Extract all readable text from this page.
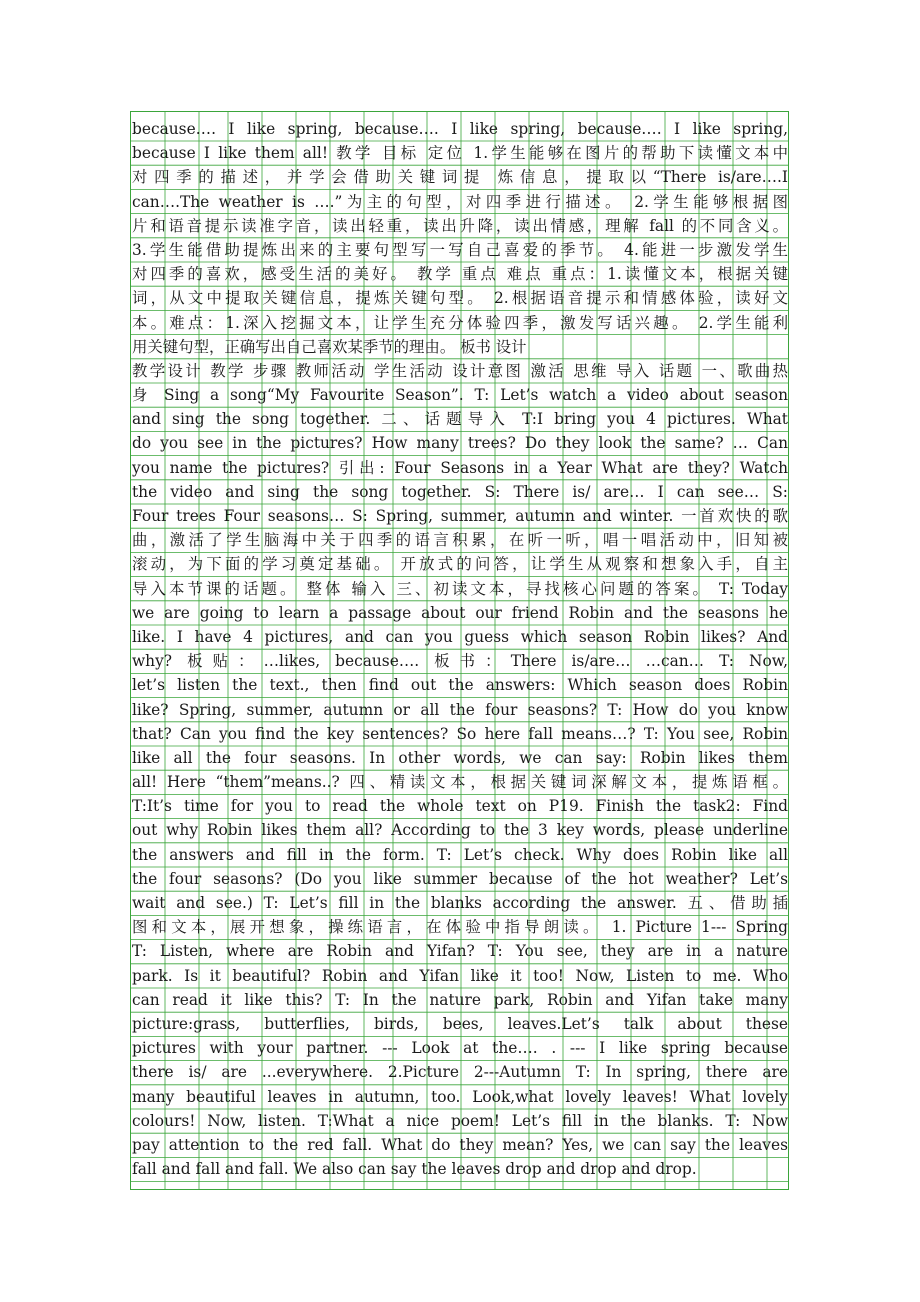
because…. I like spring, because…. I like spring, because…. I like spring,
because I like them all! 教学 目标 定位 1.学生能够在图片的帮助下读懂文本中
对四季的描述，并学会借助关键词提 炼信息，提取以“There is/are….I
can….The weather is ….”为主的句型，对四季进行描述。 2.学生能够根据图
片和语音提示读准字音，读出轻重，读出升降，读出情感，理解 fall 的不同含义。
3.学生能借助提炼出来的主要句型写一写自己喜爱的季节。 4.能进一步激发学生
对四季的喜欢，感受生活的美好。 教学 重点 难点 重点：1.读懂文本，根据关键
词，从文中提取关键信息，提炼关键句型。 2.根据语音提示和情感体验，读好文
本。难点：1.深入挖掘文本，让学生充分体验四季，激发写话兴趣。 2.学生能利
用关键句型，正确写出自己喜欢某季节的理由。 板书 设计
教学设计 教学 步骤 教师活动 学生活动 设计意图 激活 思维 导入 话题 一、歌曲热
身 Sing a song“My Favourite Season”. T: Let’s watch a video about season
and sing the song together. 二、话题导入 T:I bring you 4 pictures. What
do you see in the pictures? How many trees? Do they look the same? … Can
you name the pictures? 引出: Four Seasons in a Year What are they? Watch
the video and sing the song together. S: There is/ are… I can see… S:
Four trees Four seasons… S: Spring, summer, autumn and winter. 一首欢快的歌
曲，激活了学生脑海中关于四季的语言积累，在听一听，唱一唱活动中，旧知被
滚动，为下面的学习奠定基础。 开放式的问答，让学生从观察和想象入手，自主
导入本节课的话题。 整体 输入 三、初读文本，寻找核心问题的答案。 T: Today
we are going to learn a passage about our friend Robin and the seasons he
like. I have 4 pictures, and can you guess which season Robin likes? And
why? 板贴：…likes, because…. 板书：There is/are… …can… T: Now,
let’s listen the text., then find out the answers: Which season does Robin
like? Spring, summer, autumn or all the four seasons? T: How do you know
that? Can you find the key sentences? So here fall means…? T: You see, Robin
like all the four seasons. In other words, we can say: Robin likes them
all! Here “them”means..? 四、精读文本，根据关键词深解文本，提炼语框。
T:It’s time for you to read the whole text on P19. Finish the task2: Find
out why Robin likes them all? According to the 3 key words, please underline
the answers and fill in the form. T: Let’s check. Why does Robin like all
the four seasons? (Do you like summer because of the hot weather? Let’s
wait and see.) T: Let’s fill in the blanks according the answer. 五、借助插
图和文本，展开想象，操练语言，在体验中指导朗读。 1. Picture 1--- Spring
T: Listen, where are Robin and Yifan? T: You see, they are in a nature
park. Is it beautiful? Robin and Yifan like it too! Now, Listen to me. Who
can read it like this? T: In the nature park, Robin and Yifan take many
picture:grass, butterflies, birds, bees, leaves.Let’s talk about these
pictures with your partner. --- Look at the…. . --- I like spring because
there is/ are ...everywhere. 2.Picture 2---Autumn T: In spring, there are
many beautiful leaves in autumn, too. Look,what lovely leaves! What lovely
colours! Now, listen. T:What a nice poem! Let’s fill in the blanks. T: Now
pay attention to the red fall. What do they mean? Yes, we can say the leaves
fall and fall and fall. We also can say the leaves drop and drop and drop.
